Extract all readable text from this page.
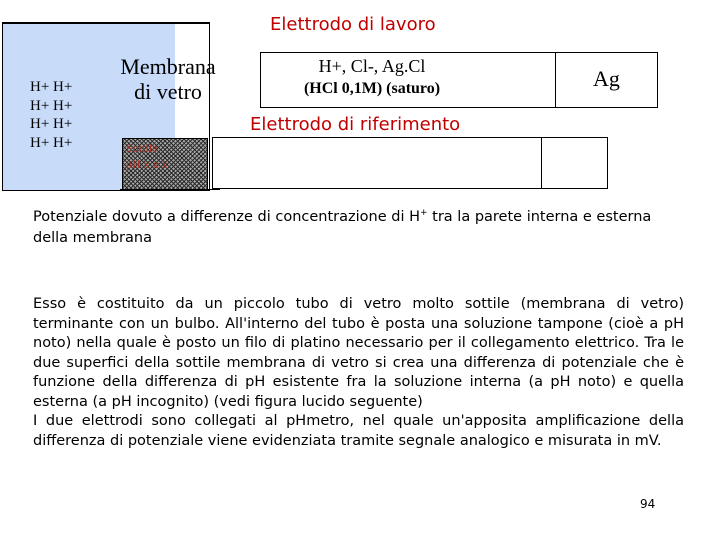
H+ H+
H+ H+
H+ H+
H+ H+
Membrana
di vetro
Sottile
pH x x x
Elettrodo di lavoro
H+, Cl-, Ag.Cl
(HCl 0,1M) (saturo)	Ag
Elettrodo di riferimento
Potenziale dovuto a differenze di concentrazione di H+ tra la parete interna e esterna della membrana
Esso è costituito da un piccolo tubo di vetro molto sottile (membrana di vetro) terminante con un bulbo. All'interno del tubo è posta una soluzione tampone (cioè a pH noto) nella quale è posto un filo di platino necessario per il collegamento elettrico. Tra le due superfici della sottile membrana di vetro si crea una differenza di potenziale che è funzione della differenza di pH esistente fra la soluzione interna (a pH noto) e quella esterna (a pH incognito) (vedi figura lucido seguente)
I due elettrodi sono collegati al pHmetro, nel quale un'apposita amplificazione della differenza di potenziale viene evidenziata tramite segnale analogico e misurata in mV.
94
